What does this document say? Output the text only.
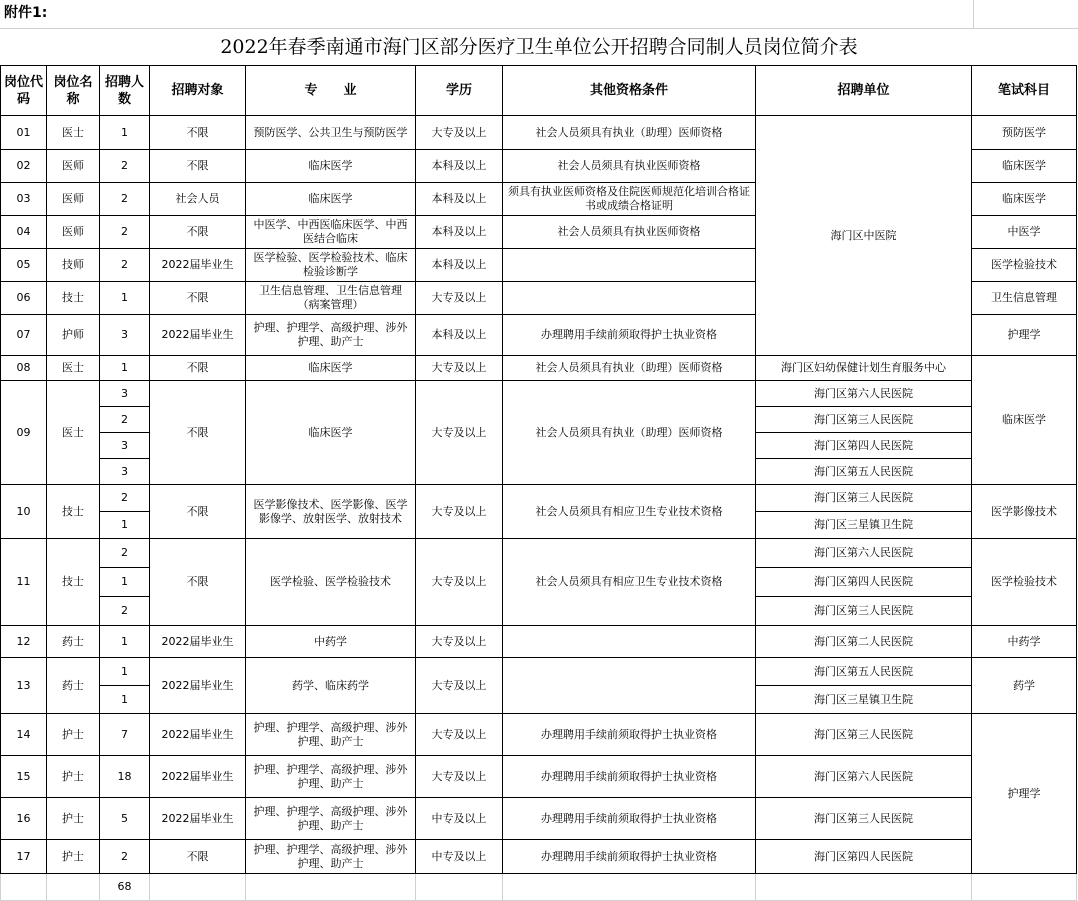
附件1:
2022年春季南通市海门区部分医疗卫生单位公开招聘合同制人员岗位简介表
岗位代码	岗位名称	招聘人数	招聘对象	专　　业	学历	其他资格条件	招聘单位	笔试科目
01	医士	1	不限	预防医学、公共卫生与预防医学	大专及以上	社会人员须具有执业（助理）医师资格	海门区中医院	预防医学
02	医师	2	不限	临床医学	本科及以上	社会人员须具有执业医师资格		临床医学
03	医师	2	社会人员	临床医学	本科及以上	须具有执业医师资格及住院医师规范化培训合格证书或成绩合格证明		临床医学
04	医师	2	不限	中医学、中西医临床医学、中西医结合临床	本科及以上	社会人员须具有执业医师资格		中医学
05	技师	2	2022届毕业生	医学检验、医学检验技术、临床检验诊断学	本科及以上			医学检验技术
06	技士	1	不限	卫生信息管理、卫生信息管理（病案管理）	大专及以上			卫生信息管理
07	护师	3	2022届毕业生	护理、护理学、高级护理、涉外护理、助产士	本科及以上	办理聘用手续前须取得护士执业资格		护理学
08	医士	1	不限	临床医学	大专及以上	社会人员须具有执业（助理）医师资格	海门区妇幼保健计划生育服务中心	临床医学
09	医士	3	不限	临床医学	大专及以上	社会人员须具有执业（助理）医师资格	海门区第六人民医院	
		2					海门区第三人民医院	
		3					海门区第四人民医院	
		3					海门区第五人民医院	
10	技士	2	不限	医学影像技术、医学影像、医学影像学、放射医学、放射技术	大专及以上	社会人员须具有相应卫生专业技术资格	海门区第三人民医院	医学影像技术
		1					海门区三星镇卫生院	
11	技士	2	不限	医学检验、医学检验技术	大专及以上	社会人员须具有相应卫生专业技术资格	海门区第六人民医院	医学检验技术
		1					海门区第四人民医院	
		2					海门区第三人民医院	
12	药士	1	2022届毕业生	中药学	大专及以上		海门区第二人民医院	中药学
13	药士	1	2022届毕业生	药学、临床药学	大专及以上		海门区第五人民医院	药学
		1					海门区三星镇卫生院	
14	护士	7	2022届毕业生	护理、护理学、高级护理、涉外护理、助产士	大专及以上	办理聘用手续前须取得护士执业资格	海门区第三人民医院	护理学
15	护士	18	2022届毕业生	护理、护理学、高级护理、涉外护理、助产士	大专及以上	办理聘用手续前须取得护士执业资格	海门区第六人民医院	
16	护士	5	2022届毕业生	护理、护理学、高级护理、涉外护理、助产士	中专及以上	办理聘用手续前须取得护士执业资格	海门区第三人民医院	
17	护士	2	不限	护理、护理学、高级护理、涉外护理、助产士	中专及以上	办理聘用手续前须取得护士执业资格	海门区第四人民医院	
		68						
